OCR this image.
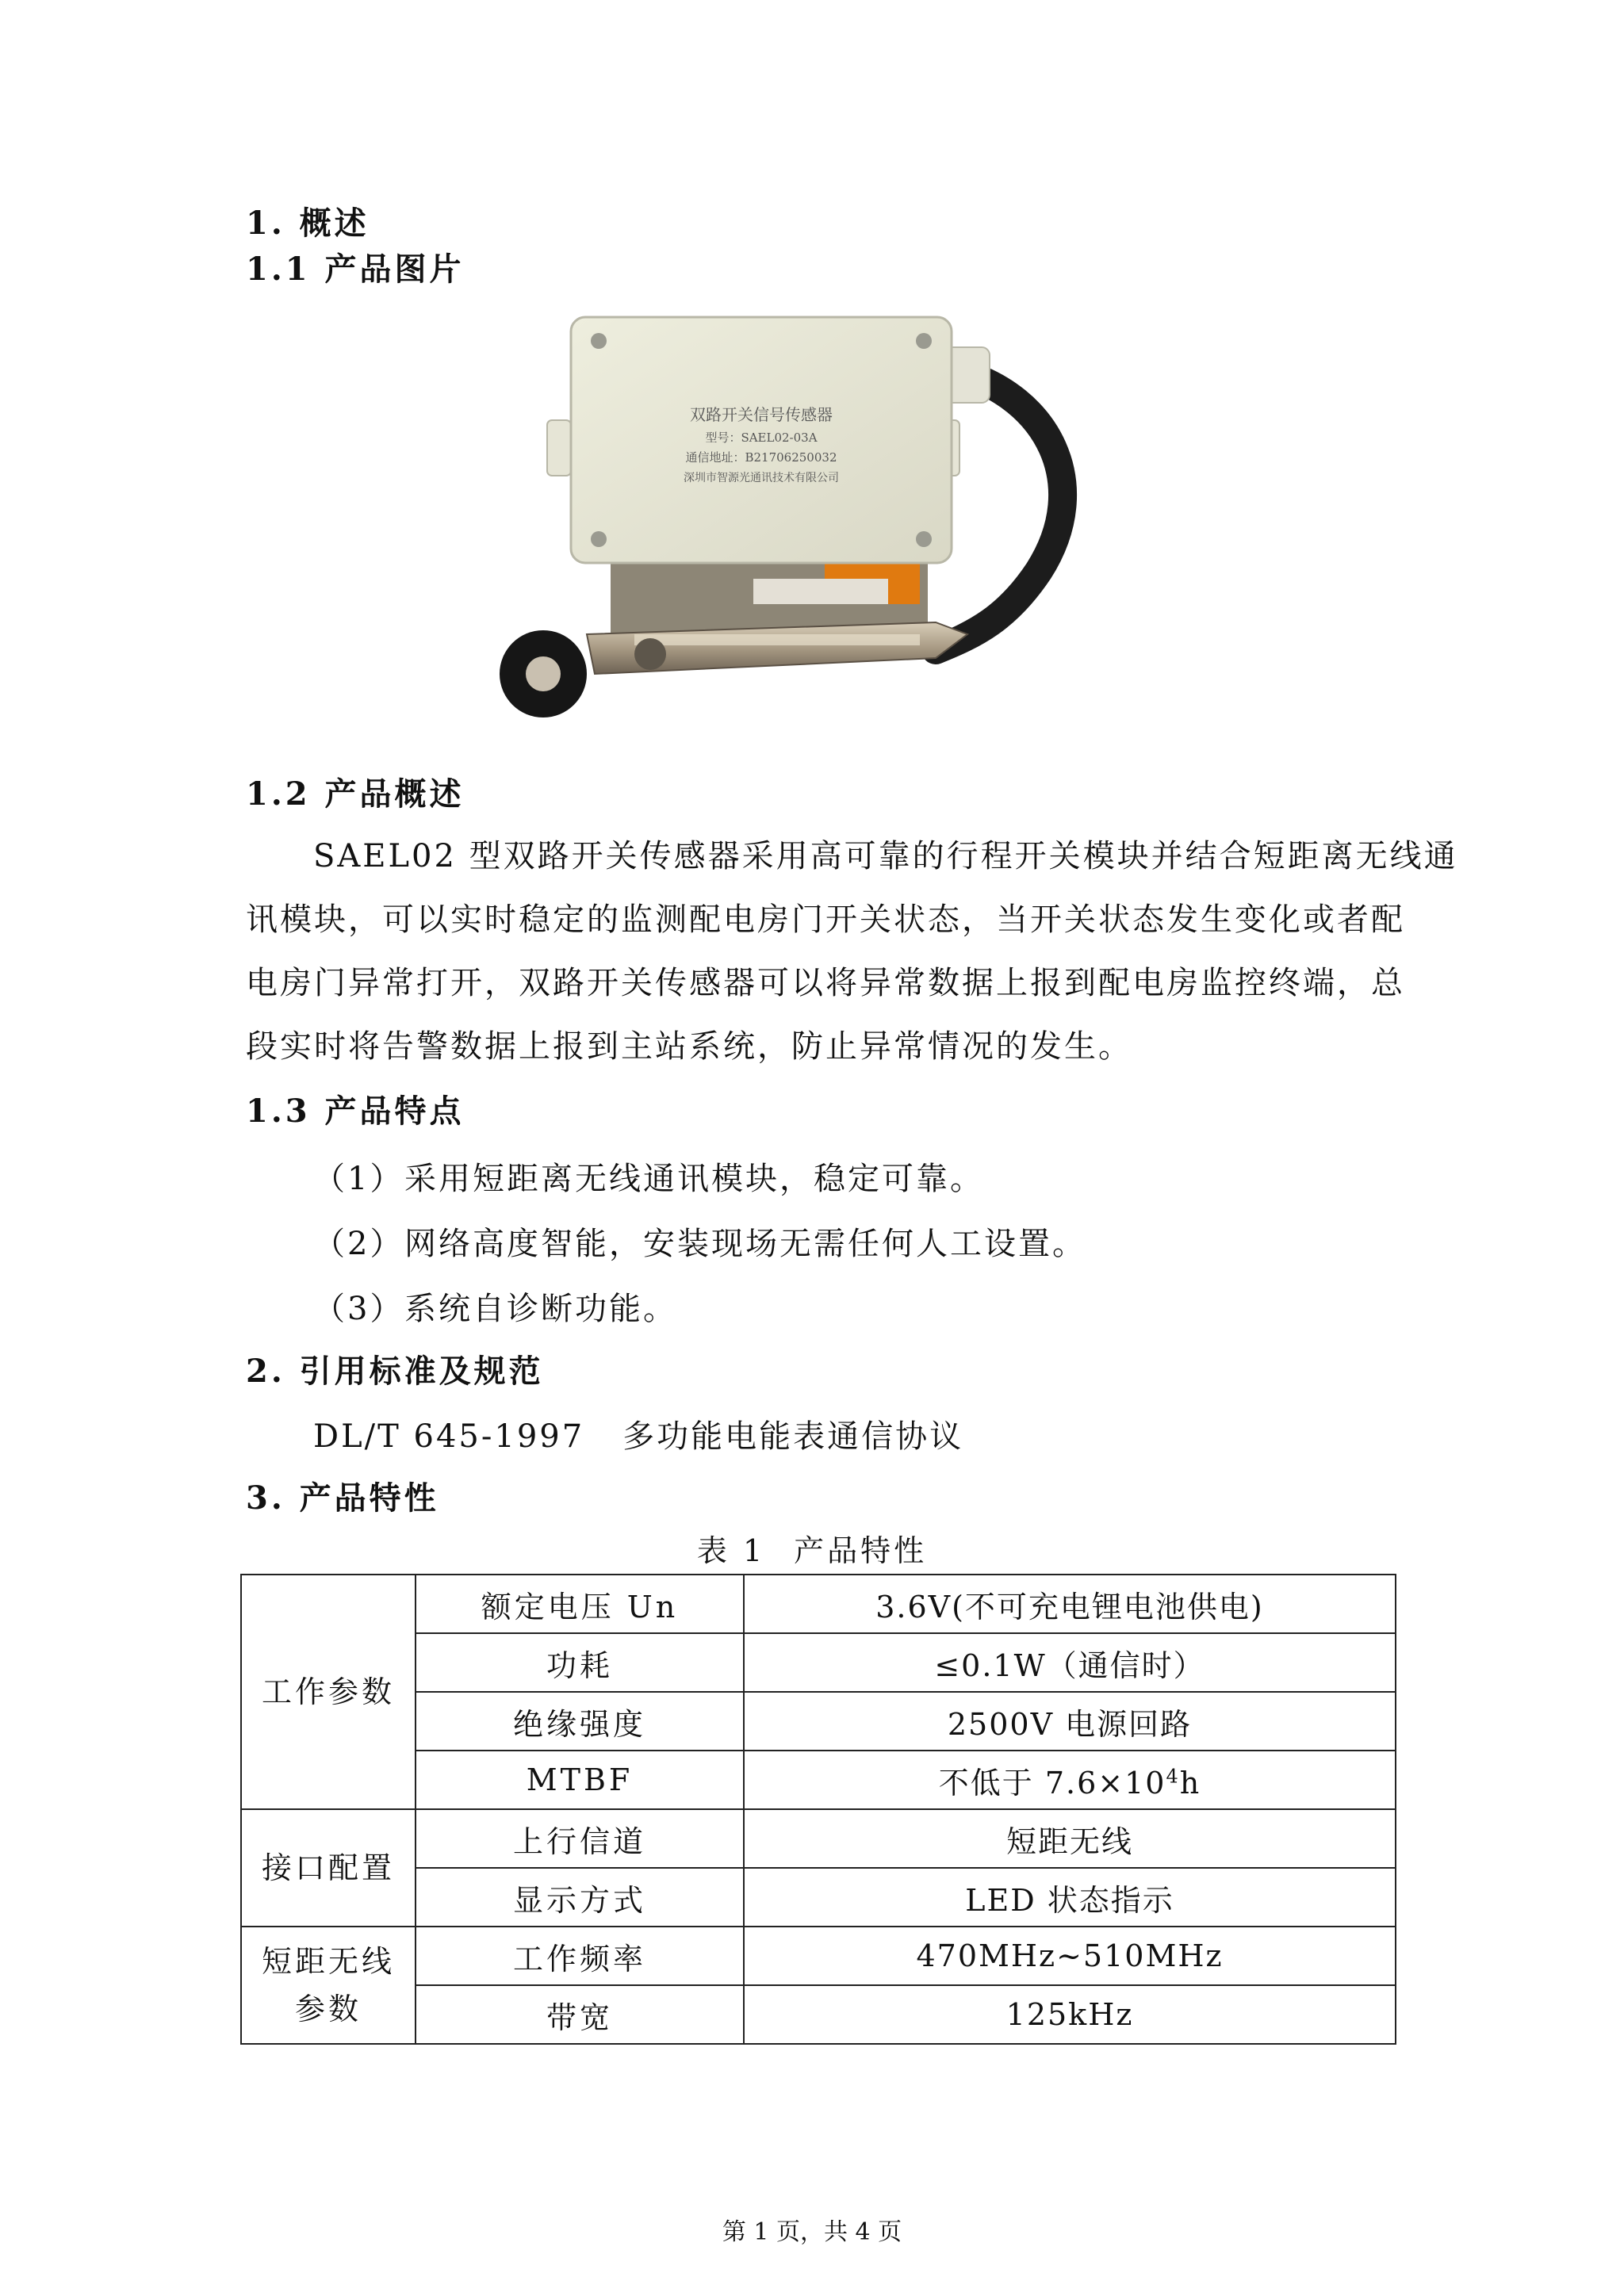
1. 概述
1.1 产品图片
双路开关信号传感器
型号：SAEL02-03A
通信地址：B21706250032
深圳市智源光通讯技术有限公司
1.2 产品概述
SAEL02 型双路开关传感器采用高可靠的行程开关模块并结合短距离无线通
讯模块，可以实时稳定的监测配电房门开关状态，当开关状态发生变化或者配
电房门异常打开，双路开关传感器可以将异常数据上报到配电房监控终端，总
段实时将告警数据上报到主站系统，防止异常情况的发生。
1.3 产品特点
（1）采用短距离无线通讯模块，稳定可靠。
（2）网络高度智能，安装现场无需任何人工设置。
（3）系统自诊断功能。
2. 引用标准及规范
DL/T 645-1997 多功能电能表通信协议
3. 产品特性
表 1 产品特性
工作参数	额定电压 Un	3.6V(不可充电锂电池供电)
	功耗	≤0.1W（通信时）
	绝缘强度	2500V 电源回路
	MTBF	不低于 $7.6\times 10^4h$
接口配置	上行信道	短距无线
	显示方式	LED 状态指示
短距无线
参数	工作频率	470MHz~510MHz
	带宽	125kHz
第 1 页，共 4 页
